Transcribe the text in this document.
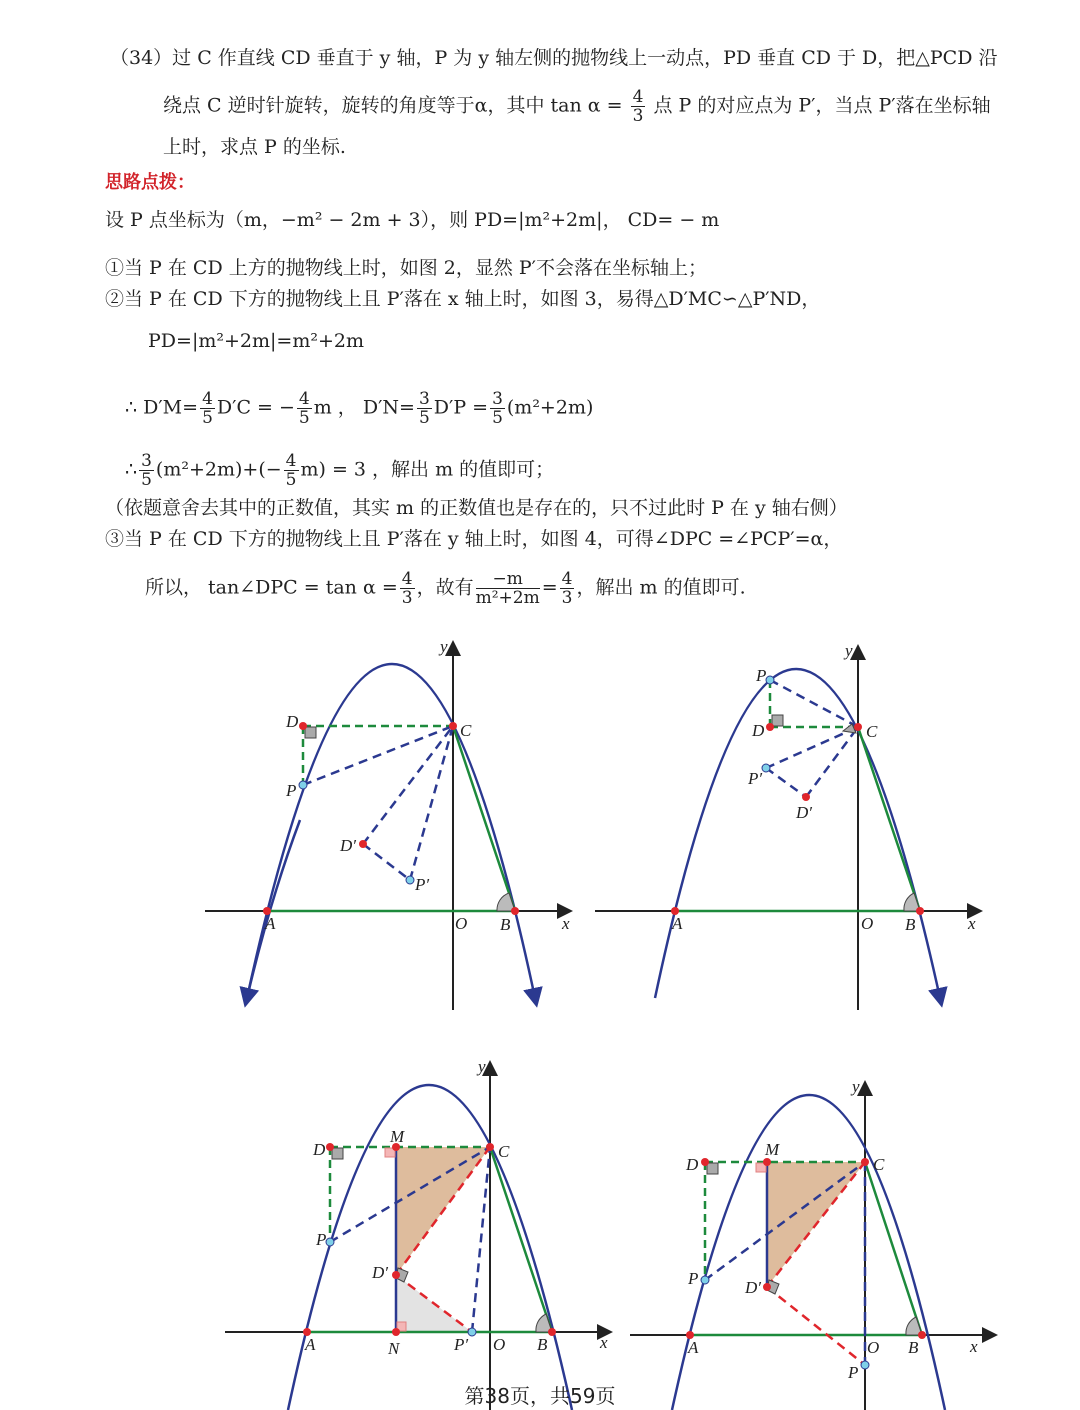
（34）过 C 作直线 CD 垂直于 y 轴，P 为 y 轴左侧的抛物线上一动点，PD 垂直 CD 于 D，把△PCD 沿
绕点 C 逆时针旋转，旋转的角度等于α，其中 $\tan \alpha = \frac{4}{3}$ 点 P 的对应点为 P′，当点 P′落在坐标轴
上时，求点 P 的坐标.
思路点拨：
设 P 点坐标为（m，−m² − 2m + 3），则 PD=|m²+2m|， CD= − m
①当 P 在 CD 上方的抛物线上时，如图 2，显然 P′不会落在坐标轴上；
②当 P 在 CD 下方的抛物线上且 P′落在 x 轴上时，如图 3，易得△D′MC∽△P′ND，
PD=|m²+2m|=m²+2m
∴ $D'M= \frac{4}{5} D'C$ = − $\frac{4}{5}$ m ， $D'N= \frac{3}{5} D'P = \frac{3}{5} (m^2+2m)$
∴ $\frac{3}{5} (m^2+2m)+(- \frac{4}{5} m) = 3$ ，解出 m 的值即可；
（依题意舍去其中的正数值，其实 m 的正数值也是存在的，只不过此时 P 在 y 轴右侧）
③当 P 在 CD 下方的抛物线上且 P′落在 y 轴上时，如图 4，可得∠DPC =∠PCP′=α，
所以， tan∠DPC = $\tan \alpha = \frac{4}{3}$ ，故有 $\frac{-m}{\text{m²+2m}} = \frac{4}{3}$ ，解出 m 的值即可.
A	B
C
D
P
D′
P′
O	x
y
A	B
C
D
P
P′
D′
O	x
y
A	B
C
D
M
P
D′
N	P′ O	x
y
A	B
C
D
M
P	D′
O
P
x
y
第38页，共59页
